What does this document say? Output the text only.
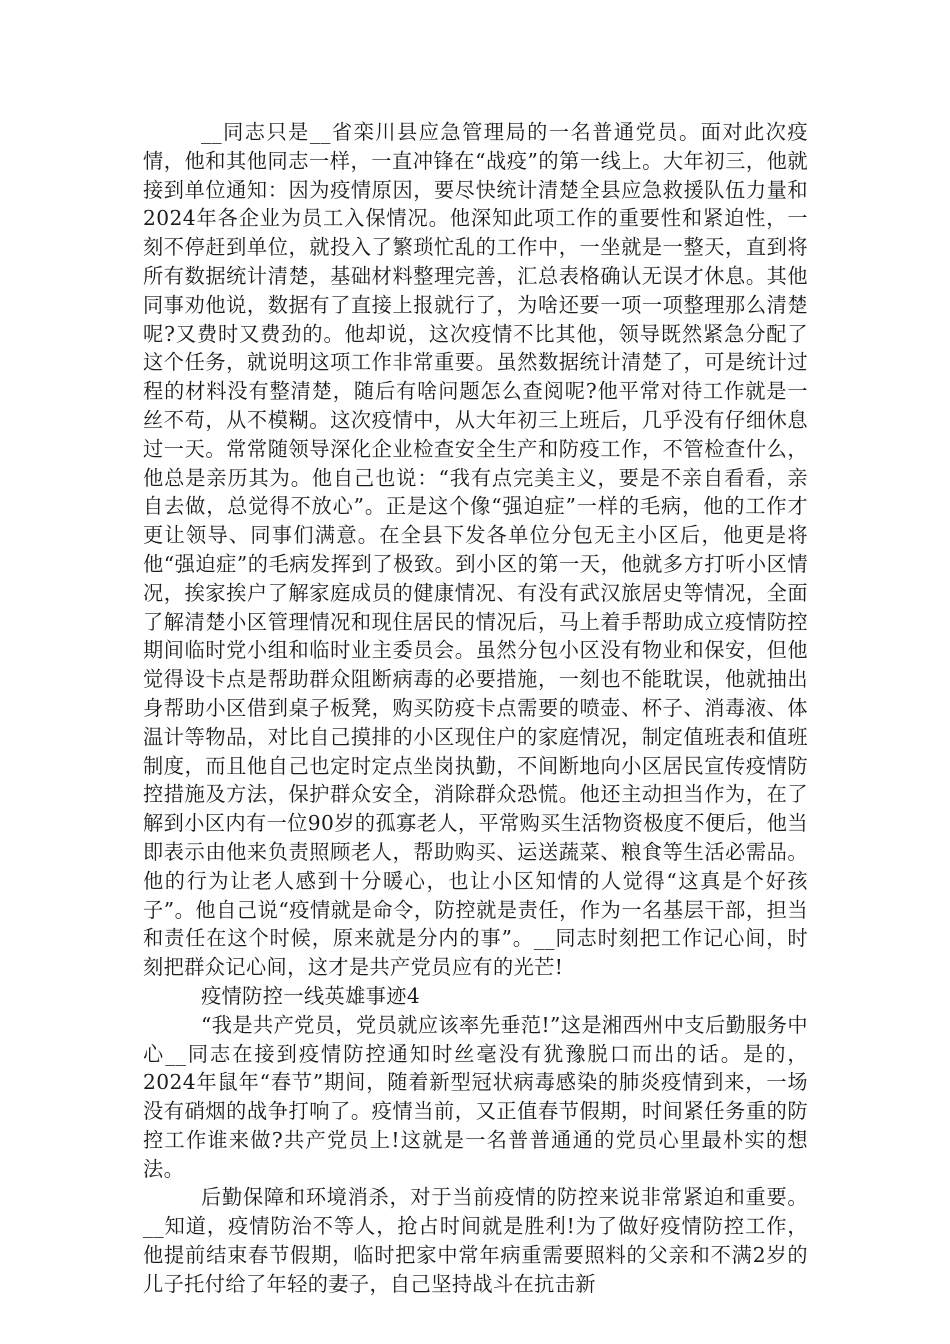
__同志只是__省栾川县应急管理局的一名普通党员。面对此次疫情，他和其他同志一样，一直冲锋在“战疫”的第一线上。大年初三，他就接到单位通知：因为疫情原因，要尽快统计清楚全县应急救援队伍力量和2024年各企业为员工入保情况。他深知此项工作的重要性和紧迫性，一刻不停赶到单位，就投入了繁琐忙乱的工作中，一坐就是一整天，直到将所有数据统计清楚，基础材料整理完善，汇总表格确认无误才休息。其他同事劝他说，数据有了直接上报就行了，为啥还要一项一项整理那么清楚呢?又费时又费劲的。他却说，这次疫情不比其他，领导既然紧急分配了这个任务，就说明这项工作非常重要。虽然数据统计清楚了，可是统计过程的材料没有整清楚，随后有啥问题怎么查阅呢?他平常对待工作就是一丝不苟，从不模糊。这次疫情中，从大年初三上班后，几乎没有仔细休息过一天。常常随领导深化企业检查安全生产和防疫工作，不管检查什么，他总是亲历其为。他自己也说：“我有点完美主义，要是不亲自看看，亲自去做，总觉得不放心”。正是这个像“强迫症”一样的毛病，他的工作才更让领导、同事们满意。在全县下发各单位分包无主小区后，他更是将他“强迫症”的毛病发挥到了极致。到小区的第一天，他就多方打听小区情况，挨家挨户了解家庭成员的健康情况、有没有武汉旅居史等情况，全面了解清楚小区管理情况和现住居民的情况后，马上着手帮助成立疫情防控期间临时党小组和临时业主委员会。虽然分包小区没有物业和保安，但他觉得设卡点是帮助群众阻断病毒的必要措施，一刻也不能耽误，他就抽出身帮助小区借到桌子板凳，购买防疫卡点需要的喷壶、杯子、消毒液、体温计等物品，对比自己摸排的小区现住户的家庭情况，制定值班表和值班制度，而且他自己也定时定点坐岗执勤，不间断地向小区居民宣传疫情防控措施及方法，保护群众安全，消除群众恐慌。他还主动担当作为，在了解到小区内有一位90岁的孤寡老人，平常购买生活物资极度不便后，他当即表示由他来负责照顾老人，帮助购买、运送蔬菜、粮食等生活必需品。他的行为让老人感到十分暖心，也让小区知情的人觉得“这真是个好孩子”。他自己说“疫情就是命令，防控就是责任，作为一名基层干部，担当和责任在这个时候，原来就是分内的事”。__同志时刻把工作记心间，时刻把群众记心间，这才是共产党员应有的光芒!

疫情防控一线英雄事迹4

“我是共产党员，党员就应该率先垂范!”这是湘西州中支后勤服务中心__同志在接到疫情防控通知时丝毫没有犹豫脱口而出的话。是的，2024年鼠年“春节”期间，随着新型冠状病毒感染的肺炎疫情到来，一场没有硝烟的战争打响了。疫情当前，又正值春节假期，时间紧任务重的防控工作谁来做?共产党员上!这就是一名普普通通的党员心里最朴实的想法。

后勤保障和环境消杀，对于当前疫情的防控来说非常紧迫和重要。__知道，疫情防治不等人，抢占时间就是胜利!为了做好疫情防控工作，他提前结束春节假期，临时把家中常年病重需要照料的父亲和不满2岁的儿子托付给了年轻的妻子，自己坚持战斗在抗击新
